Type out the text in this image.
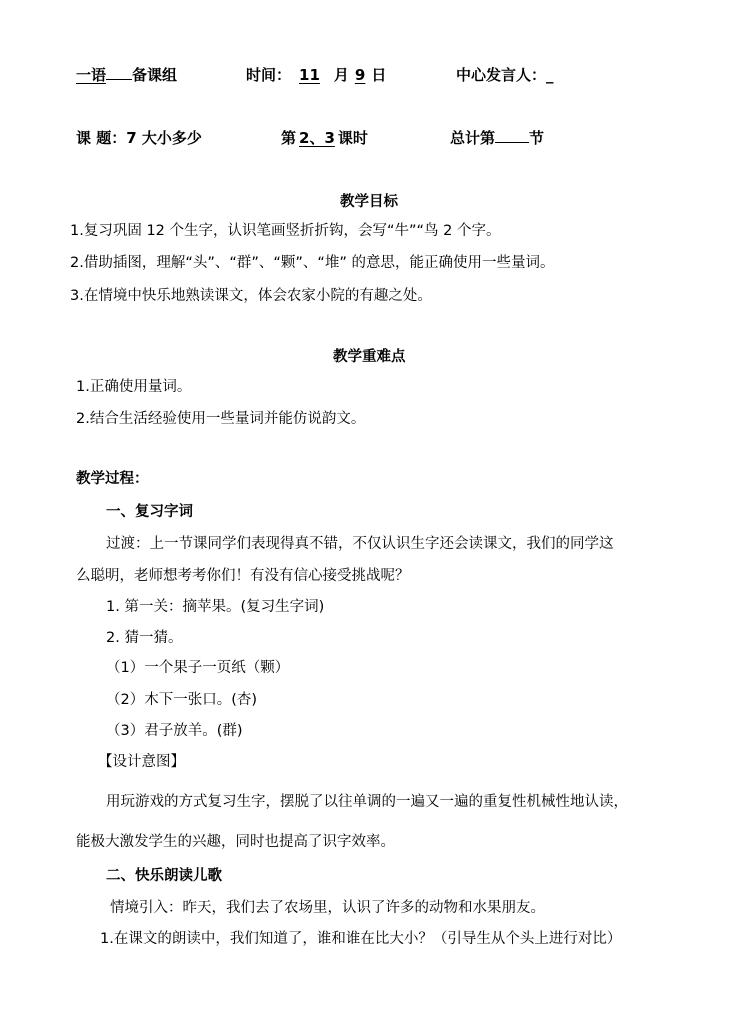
一语 备课组	时间： 11 月 9 日	中心发言人：_
课 题：7 大小多少	第 2、3 课时	总计第 节
教学目标
1.复习巩固 12 个生字，认识笔画竖折折钩，会写“牛”“鸟 2 个字。
2.借助插图，理解“头”、“群”、“颗”、“堆” 的意思，能正确使用一些量词。
3.在情境中快乐地熟读课文，体会农家小院的有趣之处。
教学重难点
1.正确使用量词。
2.结合生活经验使用一些量词并能仿说韵文。
教学过程：
一、复习字词
过渡：上一节课同学们表现得真不错，不仅认识生字还会读课文，我们的同学这
么聪明，老师想考考你们！有没有信心接受挑战呢？
1. 第一关：摘苹果。(复习生字词)
2. 猜一猜。
（1）一个果子一页纸（颗）
（2）木下一张口。(杏)
（3）君子放羊。(群)
【设计意图】
用玩游戏的方式复习生字，摆脱了以往单调的一遍又一遍的重复性机械性地认读，
能极大激发学生的兴趣，同时也提高了识字效率。
二、快乐朗读儿歌
情境引入：昨天，我们去了农场里，认识了许多的动物和水果朋友。
1.在课文的朗读中，我们知道了，谁和谁在比大小？（引导生从个头上进行对比）
